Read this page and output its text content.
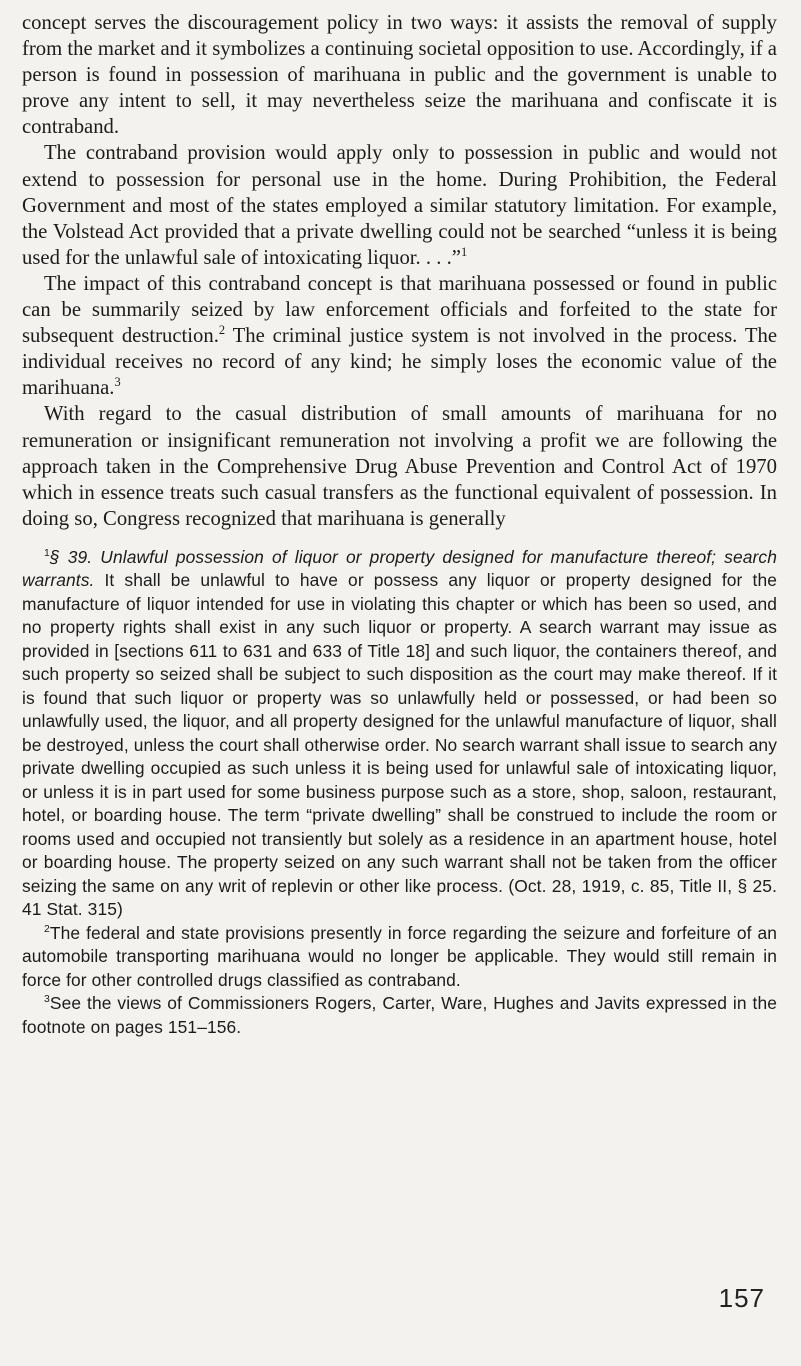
concept serves the discouragement policy in two ways: it assists the removal of supply from the market and it symbolizes a continuing societal opposition to use. Accordingly, if a person is found in possession of marihuana in public and the government is unable to prove any intent to sell, it may nevertheless seize the marihuana and confiscate it is contraband.

The contraband provision would apply only to possession in public and would not extend to possession for personal use in the home. During Prohibition, the Federal Government and most of the states employed a similar statutory limitation. For example, the Volstead Act provided that a private dwelling could not be searched “unless it is being used for the unlawful sale of intoxicating liquor. . . .”$^1$

The impact of this contraband concept is that marihuana possessed or found in public can be summarily seized by law enforcement officials and forfeited to the state for subsequent destruction.$^2$ The criminal justice system is not involved in the process. The individual receives no record of any kind; he simply loses the economic value of the marihuana.$^3$

With regard to the casual distribution of small amounts of marihuana for no remuneration or insignificant remuneration not involving a profit we are following the approach taken in the Comprehensive Drug Abuse Prevention and Control Act of 1970 which in essence treats such casual transfers as the functional equivalent of possession. In doing so, Congress recognized that marihuana is generally

$^1$§ 39. Unlawful possession of liquor or property designed for manufacture thereof; search warrants. It shall be unlawful to have or possess any liquor or property designed for the manufacture of liquor intended for use in violating this chapter or which has been so used, and no property rights shall exist in any such liquor or property. A search warrant may issue as provided in [sections 611 to 631 and 633 of Title 18] and such liquor, the containers thereof, and such property so seized shall be subject to such disposition as the court may make thereof. If it is found that such liquor or property was so unlawfully held or possessed, or had been so unlawfully used, the liquor, and all property designed for the unlawful manufacture of liquor, shall be destroyed, unless the court shall otherwise order. No search warrant shall issue to search any private dwelling occupied as such unless it is being used for unlawful sale of intoxicating liquor, or unless it is in part used for some business purpose such as a store, shop, saloon, restaurant, hotel, or boarding house. The term “private dwelling” shall be construed to include the room or rooms used and occupied not transiently but solely as a residence in an apartment house, hotel or boarding house. The property seized on any such warrant shall not be taken from the officer seizing the same on any writ of replevin or other like process. (Oct. 28, 1919, c. 85, Title II, § 25. 41 Stat. 315)

$^2$The federal and state provisions presently in force regarding the seizure and forfeiture of an automobile transporting marihuana would no longer be applicable. They would still remain in force for other controlled drugs classified as contraband.

$^3$See the views of Commissioners Rogers, Carter, Ware, Hughes and Javits expressed in the footnote on pages 151–156.

157
